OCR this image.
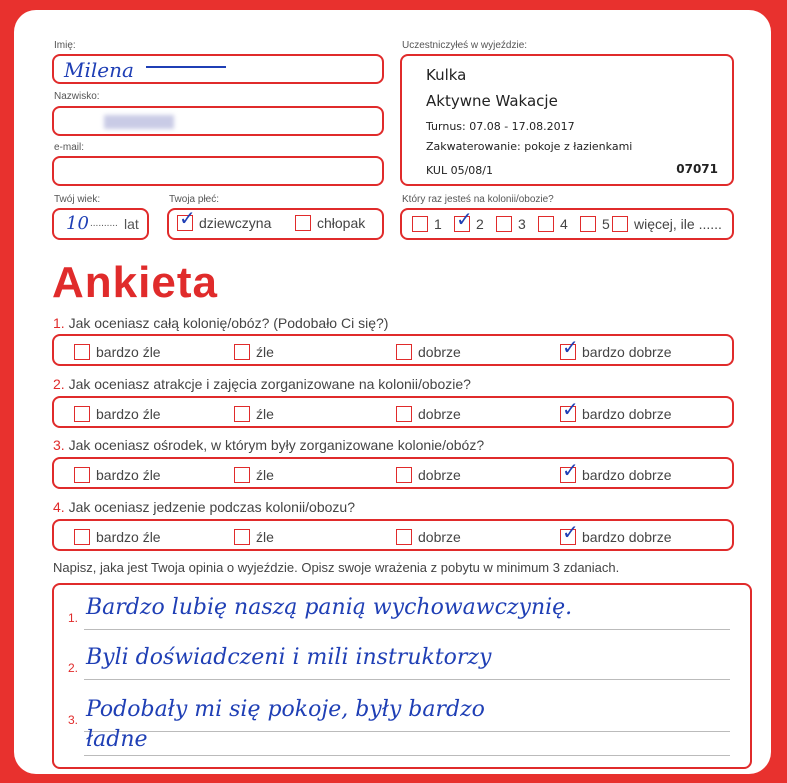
Imię:
Milena
Nazwisko:
e-mail:
Twój wiek:
10 .......... lat
Twoja płeć:
✓ dziewczyna	chłopak
Uczestniczyłeś w wyjeździe:
Kulka
Aktywne Wakacje
Turnus: 07.08 - 17.08.2017
Zakwaterowanie: pokoje z łazienkami
KUL 05/08/1	07071
Który raz jesteś na kolonii/obozie?
1 ✓ 2 3 4 5 więcej, ile ......
Ankieta
1. Jak oceniasz całą kolonię/obóz? (Podobało Ci się?)
bardzo źle	źle	dobrze	✓ bardzo dobrze
2. Jak oceniasz atrakcje i zajęcia zorganizowane na kolonii/obozie?
bardzo źle	źle	dobrze	✓ bardzo dobrze
3. Jak oceniasz ośrodek, w którym były zorganizowane kolonie/obóz?
bardzo źle	źle	dobrze	✓ bardzo dobrze
4. Jak oceniasz jedzenie podczas kolonii/obozu?
bardzo źle	źle	dobrze	✓ bardzo dobrze
Napisz, jaka jest Twoja opinia o wyjeździe. Opisz swoje wrażenia z pobytu w minimum 3 zdaniach.
1. Bardzo lubię naszą panią wychowawczynię.
2. Byli doświadczeni i mili instruktorzy
3. Podobały mi się pokoje, były bardzo
ładne
